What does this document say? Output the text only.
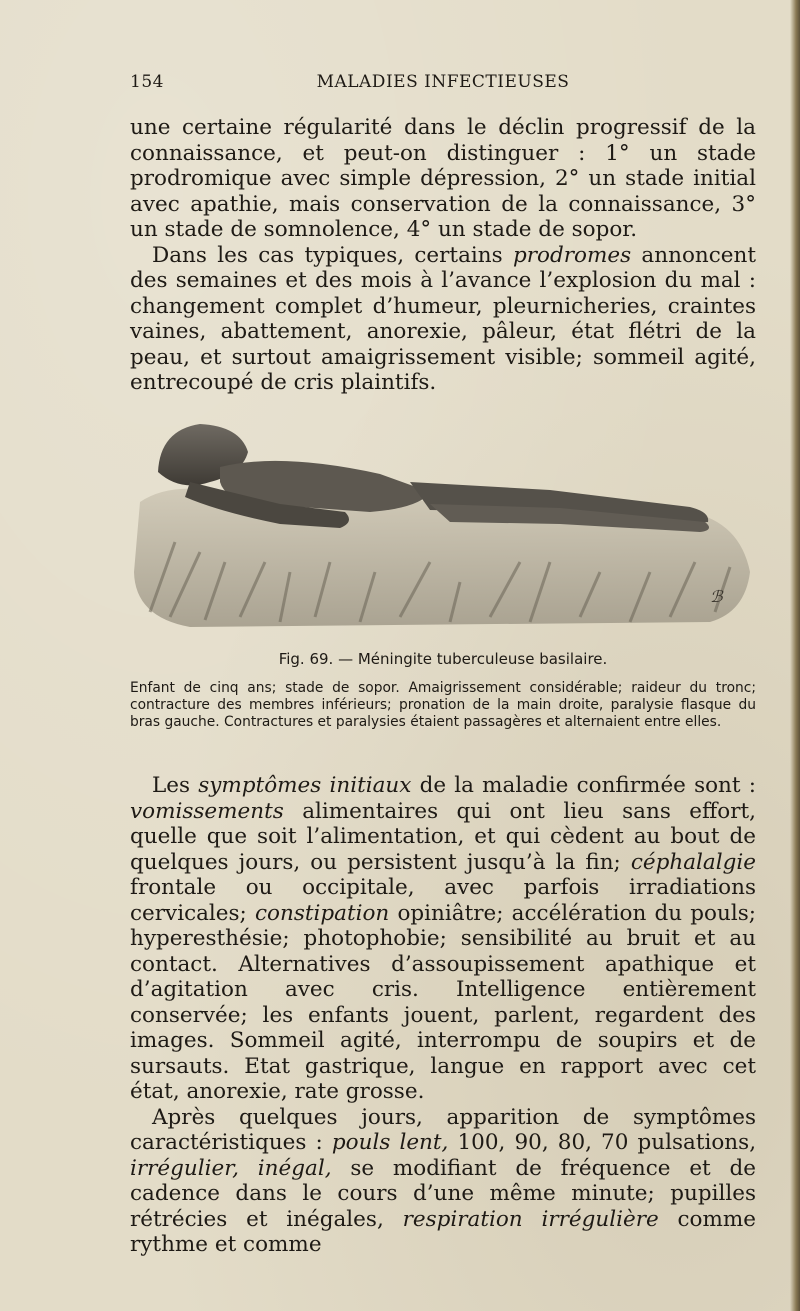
154	MALADIES INFECTIEUSES

une certaine régularité dans le déclin progressif de la connaissance, et peut-on distinguer : 1° un stade prodromique avec simple dépression, 2° un stade initial avec apathie, mais conservation de la connaissance, 3° un stade de somnolence, 4° un stade de sopor.

Dans les cas typiques, certains prodromes annoncent des semaines et des mois à l’avance l’explosion du mal : changement complet d’humeur, pleurnicheries, craintes vaines, abattement, anorexie, pâleur, état flétri de la peau, et surtout amaigrissement visible; sommeil agité, entrecoupé de cris plaintifs.

ℬ
Fig. 69. — Méningite tuberculeuse basilaire.
Enfant de cinq ans; stade de sopor. Amaigrissement considérable; raideur du tronc; contracture des membres inférieurs; pronation de la main droite, paralysie flasque du bras gauche. Contractures et paralysies étaient passagères et alternaient entre elles.

Les symptômes initiaux de la maladie confirmée sont : vomissements alimentaires qui ont lieu sans effort, quelle que soit l’alimentation, et qui cèdent au bout de quelques jours, ou persistent jusqu’à la fin; céphalalgie frontale ou occipitale, avec parfois irradiations cervicales; constipation opiniâtre; accélération du pouls; hyperesthésie; photophobie; sensibilité au bruit et au contact. Alternatives d’assoupissement apathique et d’agitation avec cris. Intelligence entièrement conservée; les enfants jouent, parlent, regardent des images. Sommeil agité, interrompu de soupirs et de sursauts. Etat gastrique, langue en rapport avec cet état, anorexie, rate grosse.

Après quelques jours, apparition de symptômes caractéristiques : pouls lent, 100, 90, 80, 70 pulsations, irrégulier, inégal, se modifiant de fréquence et de cadence dans le cours d’une même minute; pupilles rétrécies et inégales, respiration irrégulière comme rythme et comme
